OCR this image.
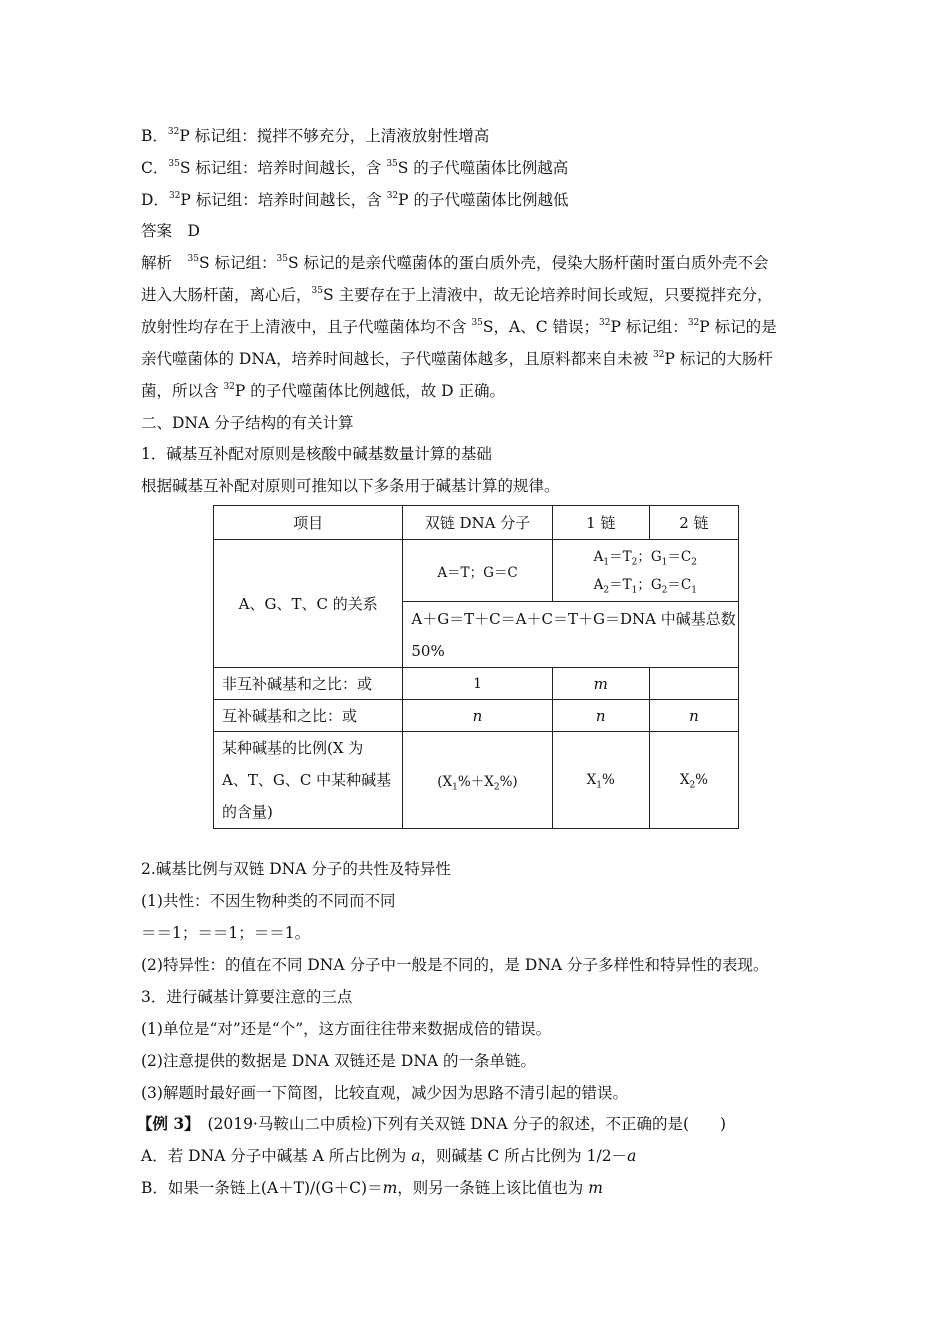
B．$^{32}$P 标记组：搅拌不够充分，上清液放射性增高
C．$^{35}$S 标记组：培养时间越长，含 $^{35}$S 的子代噬菌体比例越高
D．$^{32}$P 标记组：培养时间越长，含 $^{32}$P 的子代噬菌体比例越低
答案　D
解析　$^{35}$S 标记组：$^{35}$S 标记的是亲代噬菌体的蛋白质外壳，侵染大肠杆菌时蛋白质外壳不会
进入大肠杆菌，离心后，$^{35}$S 主要存在于上清液中，故无论培养时间长或短，只要搅拌充分，
放射性均存在于上清液中，且子代噬菌体均不含 $^{35}$S，A、C 错误；$^{32}$P 标记组：$^{32}$P 标记的是
亲代噬菌体的 DNA，培养时间越长，子代噬菌体越多，且原料都来自未被 $^{32}$P 标记的大肠杆
菌，所以含 $^{32}$P 的子代噬菌体比例越低，故 D 正确。
二、DNA 分子结构的有关计算
1．碱基互补配对原则是核酸中碱基数量计算的基础
根据碱基互补配对原则可推知以下多条用于碱基计算的规律。
项目	双链 DNA 分子	1 链	2 链
A、G、T、C 的关系	A＝T；G＝C	$A_1=T_2$；$G_1=C_2$
$A_2=T_1$；$G_2=C_1$

	A＋G＝T＋C＝A＋C＝T＋G＝DNA 中碱基总数
50%		

非互补碱基和之比：或	1	m	
互补碱基和之比：或	n	n	n

某种碱基的比例(X 为
A、T、G、C 中某种碱基
的含量)	$(X_1\%+X_2\%)$	$X_1\%$	$X_2\%$
2.碱基比例与双链 DNA 分子的共性及特异性
(1)共性：不因生物种类的不同而不同
＝＝1；＝＝1；＝＝1。
(2)特异性：的值在不同 DNA 分子中一般是不同的，是 DNA 分子多样性和特异性的表现。
3．进行碱基计算要注意的三点
(1)单位是“对”还是“个”，这方面往往带来数据成倍的错误。
(2)注意提供的数据是 DNA 双链还是 DNA 的一条单链。
(3)解题时最好画一下简图，比较直观，减少因为思路不清引起的错误。
【例 3】　(2019·马鞍山二中质检)下列有关双链 DNA 分子的叙述，不正确的是(　　)
A．若 DNA 分子中碱基 A 所占比例为 a，则碱基 C 所占比例为 1/2－a
B．如果一条链上(A＋T)/(G＋C)＝m，则另一条链上该比值也为 m
